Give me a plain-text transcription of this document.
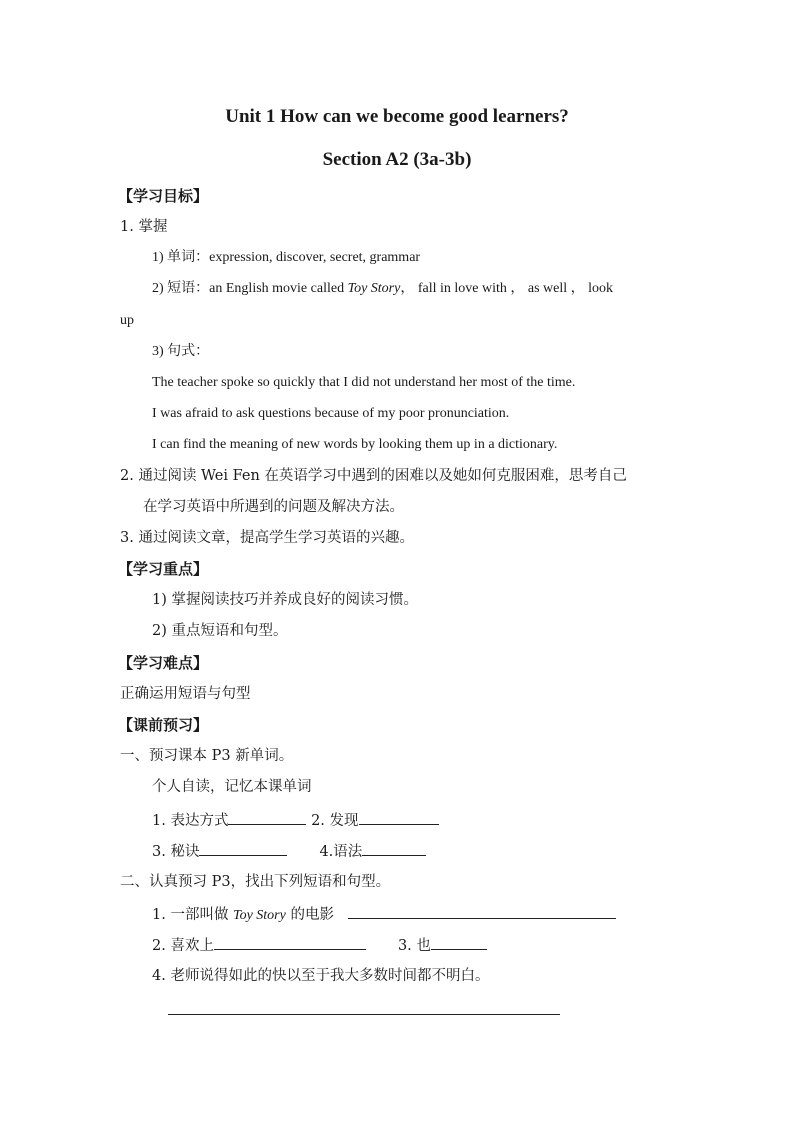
Unit 1 How can we become good learners?
Section A2 (3a-3b)
【学习目标】
1. 掌握
1) 单词：expression, discover, secret, grammar
2) 短语：an English movie called Toy Story， fall in love with ， as well ， look
up
3) 句式：
The teacher spoke so quickly that I did not understand her most of the time.
I was afraid to ask questions because of my poor pronunciation.
I can find the meaning of new words by looking them up in a dictionary.
2. 通过阅读 Wei Fen 在英语学习中遇到的困难以及她如何克服困难，思考自己
在学习英语中所遇到的问题及解决方法。
3. 通过阅读文章，提高学生学习英语的兴趣。
【学习重点】
1) 掌握阅读技巧并养成良好的阅读习惯。
2) 重点短语和句型。
【学习难点】
正确运用短语与句型
【课前预习】
一、预习课本 P3 新单词。
个人自读，记忆本课单词
1. 表达方式	2. 发现
3. 秘诀	4.语法
二、认真预习 P3，找出下列短语和句型。
1. 一部叫做 Toy Story 的电影
2. 喜欢上	3. 也
4. 老师说得如此的快以至于我大多数时间都不明白。
